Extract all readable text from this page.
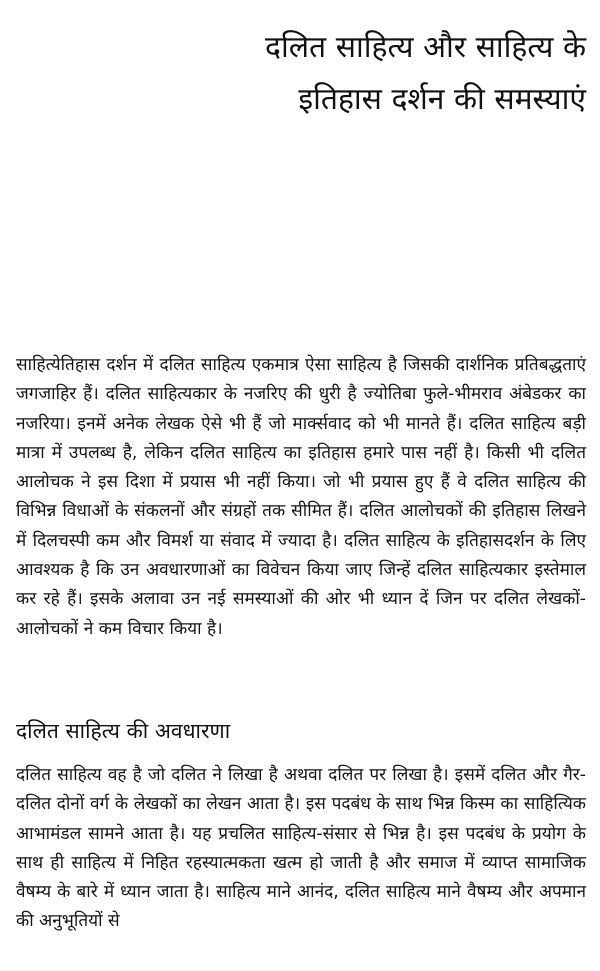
दलित साहित्य और साहित्य के
इतिहास दर्शन की समस्याएं

साहित्येतिहास दर्शन में दलित साहित्य एकमात्र ऐसा साहित्य है जिसकी दार्शनिक प्रतिबद्धताएं जगजाहिर हैं। दलित साहित्यकार के नजरिए की धुरी है ज्योतिबा फुले-भीमराव अंबेडकर का नजरिया। इनमें अनेक लेखक ऐसे भी हैं जो मार्क्सवाद को भी मानते हैं। दलित साहित्य बड़ी मात्रा में उपलब्ध है, लेकिन दलित साहित्य का इतिहास हमारे पास नहीं है। किसी भी दलित आलोचक ने इस दिशा में प्रयास भी नहीं किया। जो भी प्रयास हुए हैं वे दलित साहित्य की विभिन्न विधाओं के संकलनों और संग्रहों तक सीमित हैं। दलित आलोचकों की इतिहास लिखने में दिलचस्पी कम और विमर्श या संवाद में ज्यादा है। दलित साहित्य के इतिहासदर्शन के लिए आवश्यक है कि उन अवधारणाओं का विवेचन किया जाए जिन्हें दलित साहित्यकार इस्तेमाल कर रहे हैं। इसके अलावा उन नई समस्याओं की ओर भी ध्यान दें जिन पर दलित लेखकों-आलोचकों ने कम विचार किया है।

दलित साहित्य की अवधारणा

दलित साहित्य वह है जो दलित ने लिखा है अथवा दलित पर लिखा है। इसमें दलित और गैर-दलित दोनों वर्ग के लेखकों का लेखन आता है। इस पदबंध के साथ भिन्न किस्म का साहित्यिक आभामंडल सामने आता है। यह प्रचलित साहित्य-संसार से भिन्न है। इस पदबंध के प्रयोग के साथ ही साहित्य में निहित रहस्यात्मकता खत्म हो जाती है और समाज में व्याप्त सामाजिक वैषम्य के बारे में ध्यान जाता है। साहित्य माने आनंद, दलित साहित्य माने वैषम्य और अपमान की अनुभूतियों से
